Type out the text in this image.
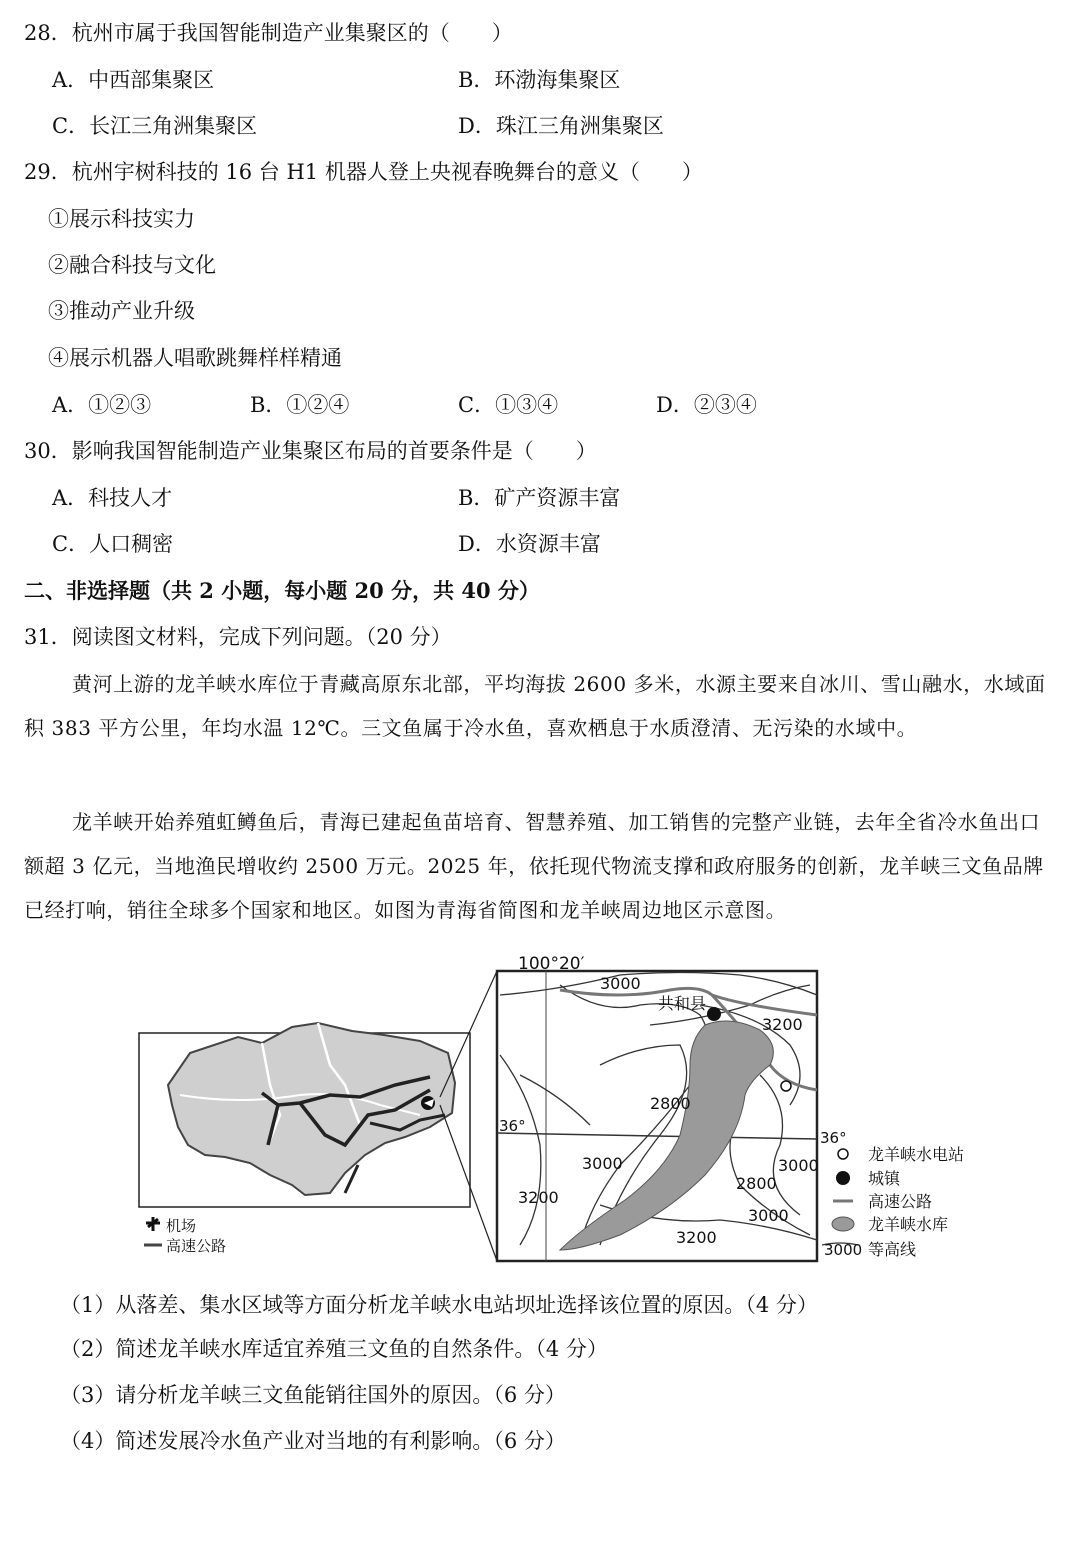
28．杭州市属于我国智能制造产业集聚区的（　　）
A．中西部集聚区	B．环渤海集聚区
C．长江三角洲集聚区	D．珠江三角洲集聚区
29．杭州宇树科技的 16 台 H1 机器人登上央视春晚舞台的意义（　　）
①展示科技实力
②融合科技与文化
③推动产业升级
④展示机器人唱歌跳舞样样精通
A．①②③	B．①②④	C．①③④	D．②③④
30．影响我国智能制造产业集聚区布局的首要条件是（　　）
A．科技人才	B．矿产资源丰富
C．人口稠密	D．水资源丰富
二、非选择题（共 2 小题，每小题 20 分，共 40 分）
31．阅读图文材料，完成下列问题。（20 分）
黄河上游的龙羊峡水库位于青藏高原东北部，平均海拔 2600 多米，水源主要来自冰川、雪山融水，水域面积 383 平方公里，年均水温 12℃。三文鱼属于冷水鱼，喜欢栖息于水质澄清、无污染的水域中。
龙羊峡开始养殖虹鳟鱼后，青海已建起鱼苗培育、智慧养殖、加工销售的完整产业链，去年全省冷水鱼出口额超 3 亿元，当地渔民增收约 2500 万元。2025 年，依托现代物流支撑和政府服务的创新，龙羊峡三文鱼品牌已经打响，销往全球多个国家和地区。如图为青海省简图和龙羊峡周边地区示意图。
机场
高速公路
共和县
100°20′
36°
36°
3000
3200
2800
3000
3200
3000
2800
3000
3200
龙羊峡水电站
城镇
高速公路
龙羊峡水库
3000 等高线
（1）从落差、集水区域等方面分析龙羊峡水电站坝址选择该位置的原因。（4 分）
（2）简述龙羊峡水库适宜养殖三文鱼的自然条件。（4 分）
（3）请分析龙羊峡三文鱼能销往国外的原因。（6 分）
（4）简述发展冷水鱼产业对当地的有利影响。（6 分）
